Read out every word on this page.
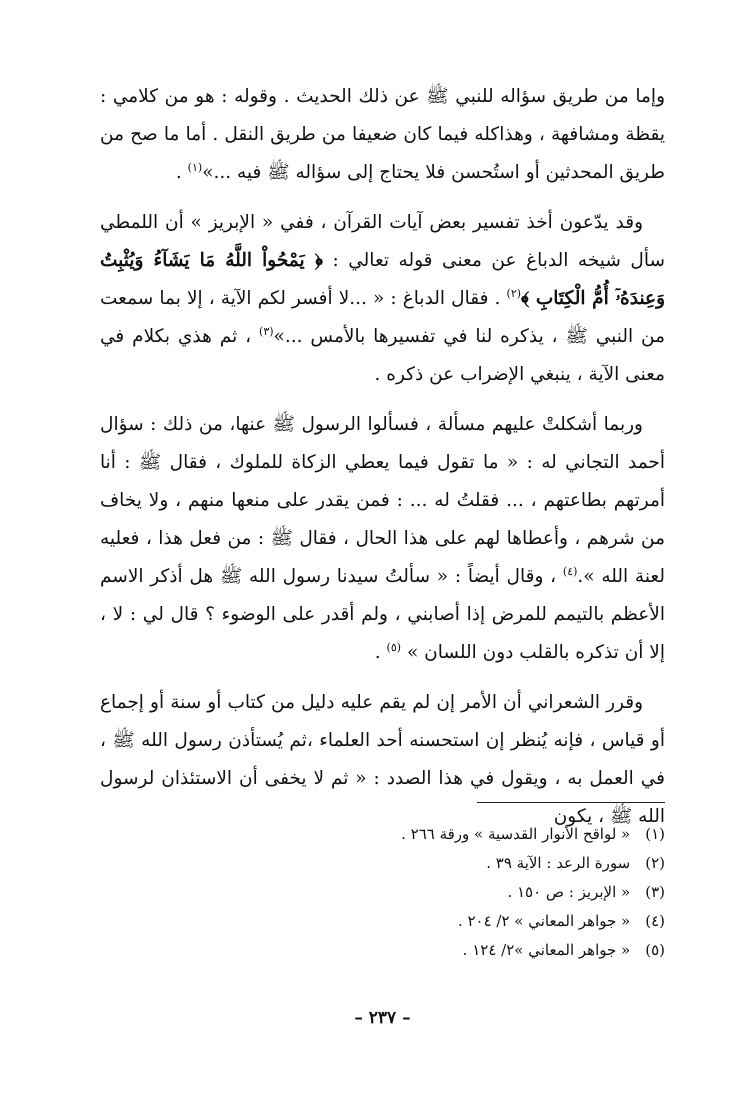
وإما من طريق سؤاله للنبي ﷺ عن ذلك الحديث . وقوله : هو من كلامي : يقظة ومشافهة ، وهذاكله فيما كان ضعيفا من طريق النقل . أما ما صح من طريق المحدثين أو استُحسن فلا يحتاج إلى سؤاله ﷺ فيه ...»$^{(١)}$ .

وقد يدّعون أخذ تفسير بعض آيات القرآن ، ففي « الإبريز » أن اللمطي سأل شيخه الدباغ عن معنى قوله تعالي : ﴿ يَمْحُواْ اللَّهُ مَا يَشَآءُ وَيُثْبِتُ وَعِندَهُۥٓ أُمُّ الْكِتَابِ ﴾$^{(٢)}$ . فقال الدباغ : « ...لا أفسر لكم الآية ، إلا بما سمعت من النبي ﷺ ، يذكره لنا في تفسيرها بالأمس ...»$^{(٣)}$ ، ثم هذي بكلام في معنى الآية ، ينبغي الإضراب عن ذكره .

وربما أشكلتْ عليهم مسألة ، فسألوا الرسول ﷺ عنها، من ذلك : سؤال أحمد التجاني له : « ما تقول فيما يعطي الزكاة للملوك ، فقال ﷺ : أنا أمرتهم بطاعتهم ، ... فقلتُ له ... : فمن يقدر على منعها منهم ، ولا يخاف من شرهم ، وأعطاها لهم على هذا الحال ، فقال ﷺ : من فعل هذا ، فعليه لعنة الله ».$^{(٤)}$ ، وقال أيضاً : « سألتُ سيدنا رسول الله ﷺ هل أذكر الاسم الأعظم بالتيمم للمرض إذا أصابني ، ولم أقدر على الوضوء ؟ قال لي : لا ، إلا أن تذكره بالقلب دون اللسان » $^{(٥)}$ .

وقرر الشعراني أن الأمر إن لم يقم عليه دليل من كتاب أو سنة أو إجماع أو قياس ، فإنه يُنظر إن استحسنه أحد العلماء ،ثم يُستأذن رسول الله ﷺ ، في العمل به ، ويقول في هذا الصدد : « ثم لا يخفى أن الاستئذان لرسول الله ﷺ ، يكون

(١) « لواقح الأنوار القدسية » ورقة ٢٦٦ .
(٢) سورة الرعد : الآية ٣٩ .
(٣) « الإبريز : ص ١٥٠ .
(٤) « جواهر المعاني » ٢/ ٢٠٤ .
(٥) « جواهر المعاني »٢/ ١٢٤ .
– ٢٣٧ –
